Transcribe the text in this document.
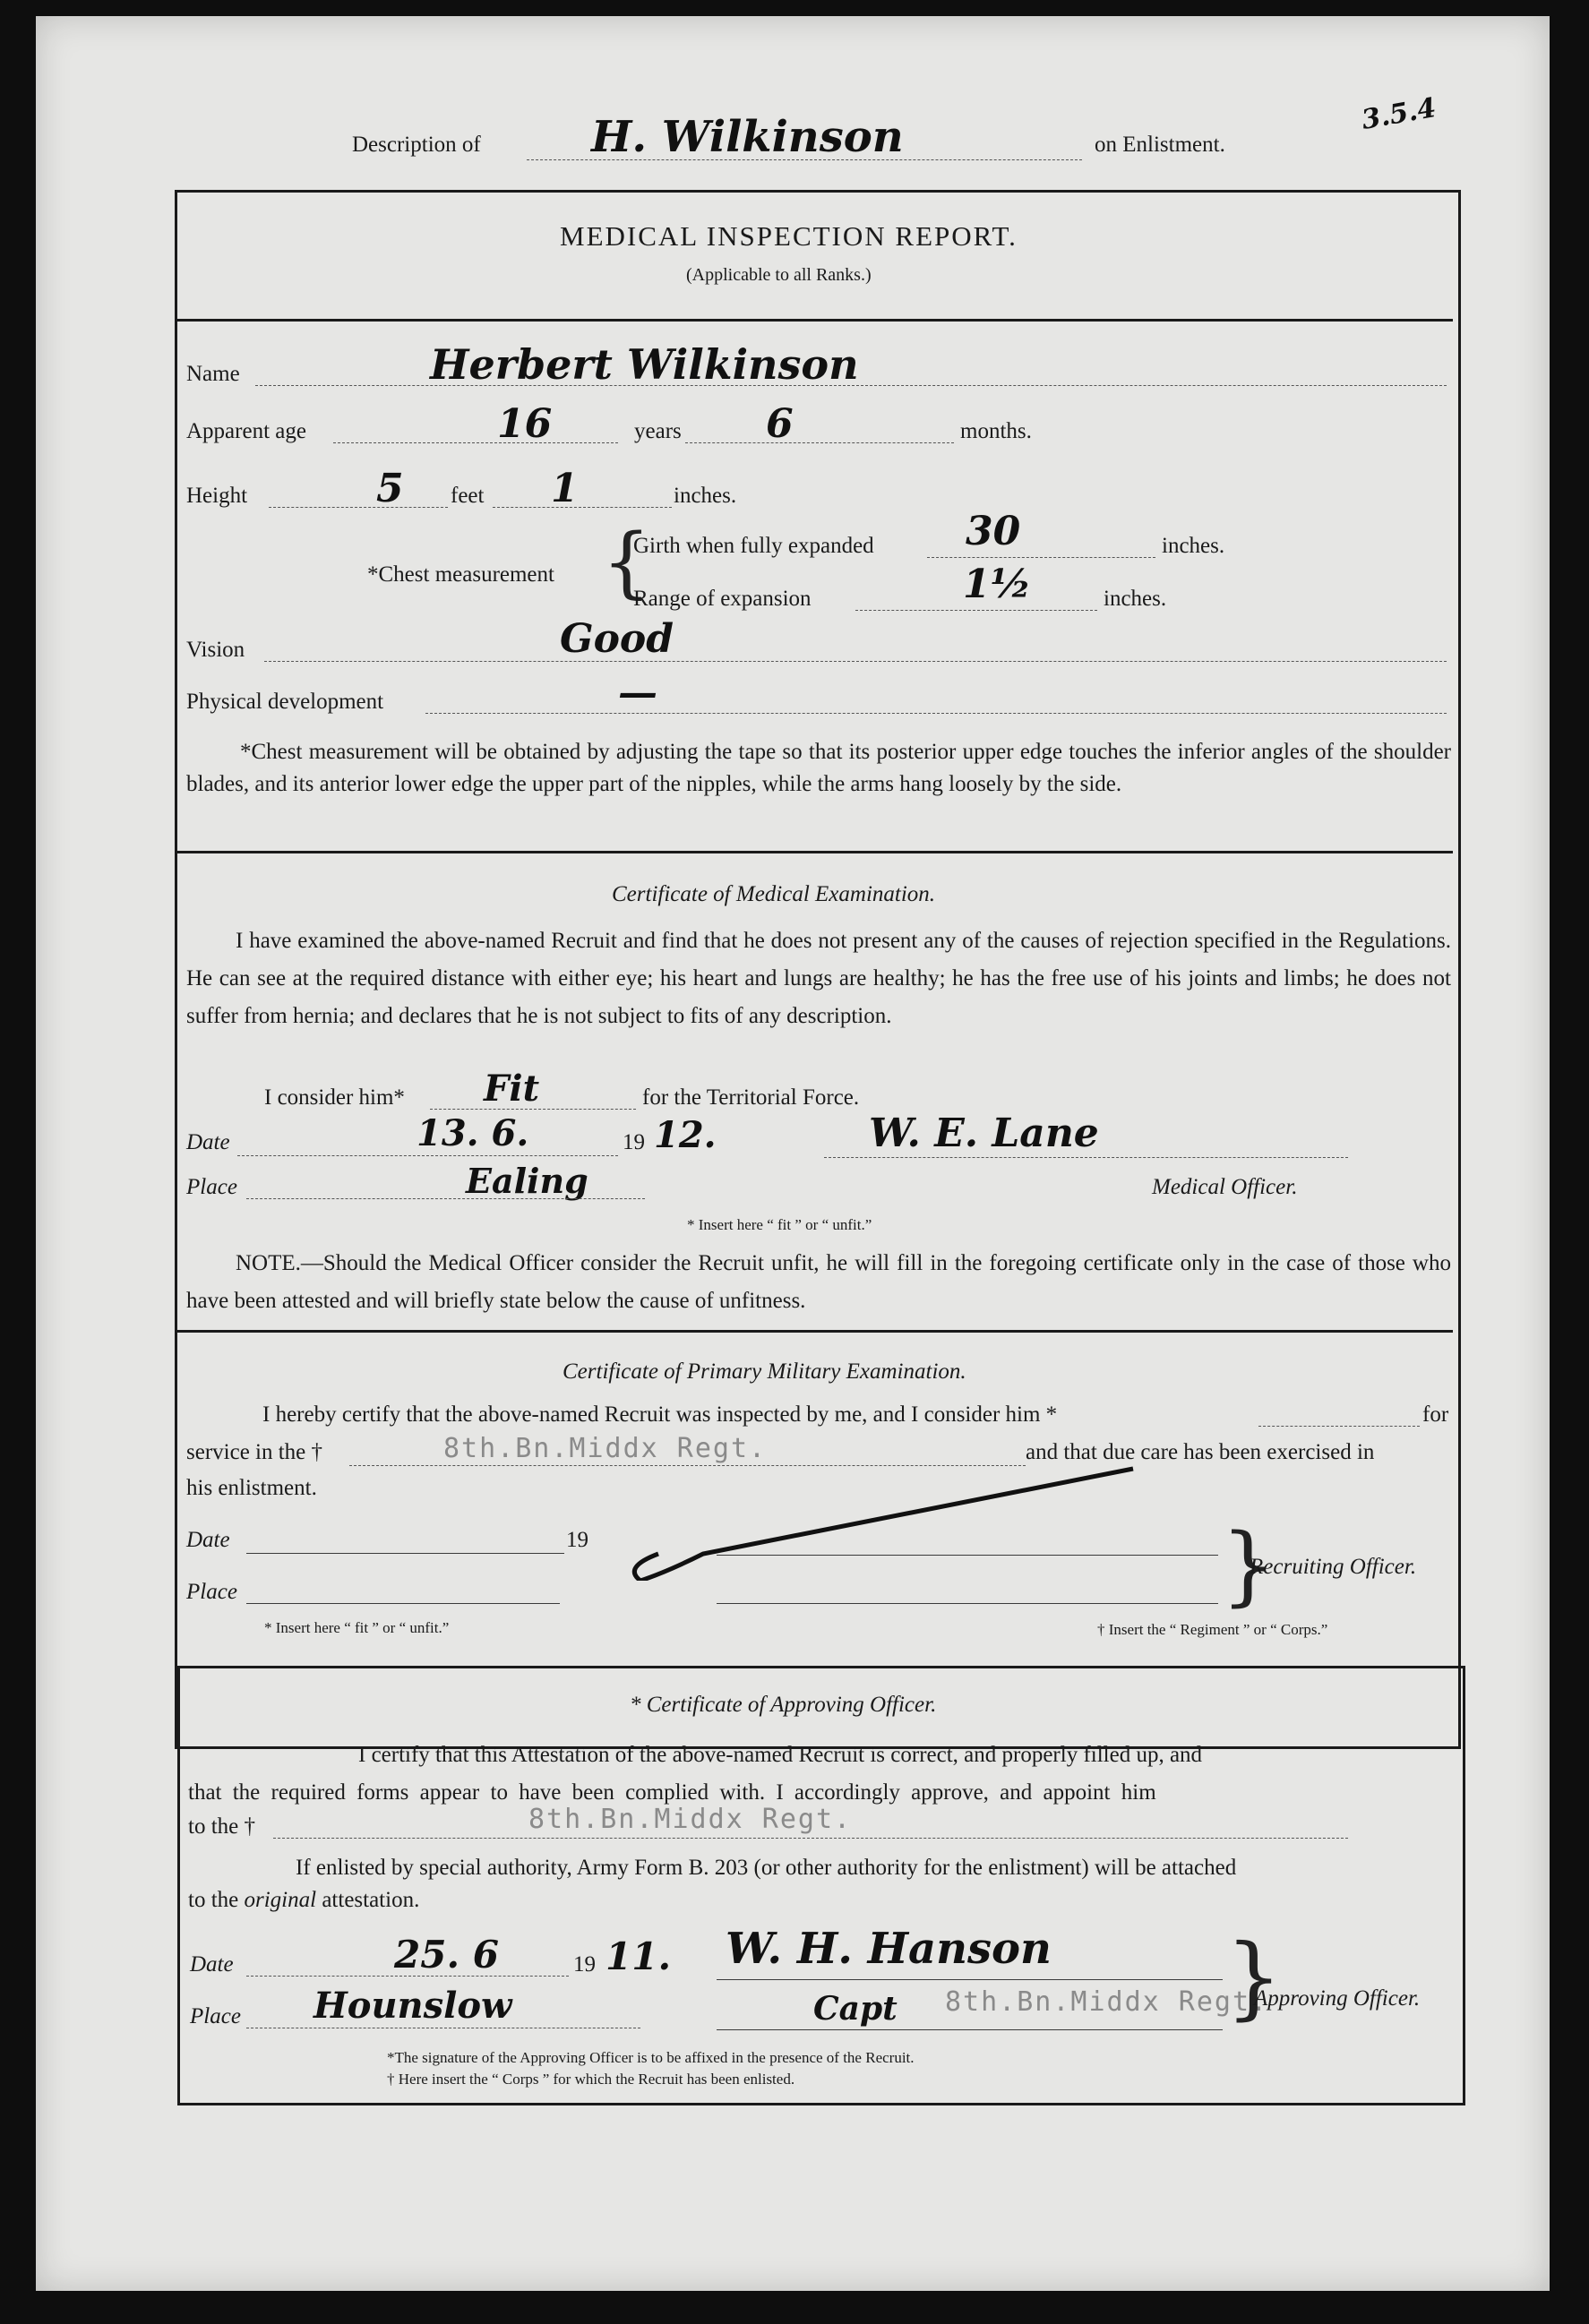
Description of	H. Wilkinson	on Enlistment.
3.5.4
MEDICAL INSPECTION REPORT.
(Applicable to all Ranks.)
Name	Herbert Wilkinson
Apparent age	16	years 6	months.
Height	5 feet 1	inches.
*Chest measurement {
Girth when fully expanded 30	inches.
Range of expansion	1½	inches.
Vision	Good
Physical development	—
*Chest measurement will be obtained by adjusting the tape so that its posterior upper edge touches the inferior angles of the shoulder blades, and its anterior lower edge the upper part of the nipples, while the arms hang loosely by the side.
Certificate of Medical Examination.
I have examined the above-named Recruit and find that he does not present any of the causes of rejection specified in the Regulations. He can see at the required distance with either eye; his heart and lungs are healthy; he has the free use of his joints and limbs; he does not suffer from hernia; and declares that he is not subject to fits of any description.
I consider him* Fit	for the Territorial Force.
Date	13. 6.	19 12.	W. E. Lane
Place	Ealing	Medical Officer.
* Insert here “ fit ” or “ unfit.”
NOTE.—Should the Medical Officer consider the Recruit unfit, he will fill in the foregoing certificate only in the case of those who have been attested and will briefly state below the cause of unfitness.
Certificate of Primary Military Examination.
I hereby certify that the above-named Recruit was inspected by me, and I consider him *	for
service in the †	8th.Bn.Middx Regt.	and that due care has been exercised in
his enlistment.
Date	19
Place	}
Recruiting Officer.
* Insert here “ fit ” or “ unfit.”	† Insert the “ Regiment ” or “ Corps.”
* Certificate of Approving Officer.
I certify that this Attestation of the above-named Recruit is correct, and properly filled up, and
that the required forms appear to have been complied with. I accordingly approve, and appoint him
to the †	8th.Bn.Middx Regt.
If enlisted by special authority, Army Form B. 203 (or other authority for the enlistment) will be attached
to the original attestation.
Date	25. 6	19 11. W. H. Hanson
Place Hounslow	Capt 8th.Bn.Middx Regt.
}
Approving Officer.
*The signature of the Approving Officer is to be affixed in the presence of the Recruit.
† Here insert the “ Corps ” for which the Recruit has been enlisted.
